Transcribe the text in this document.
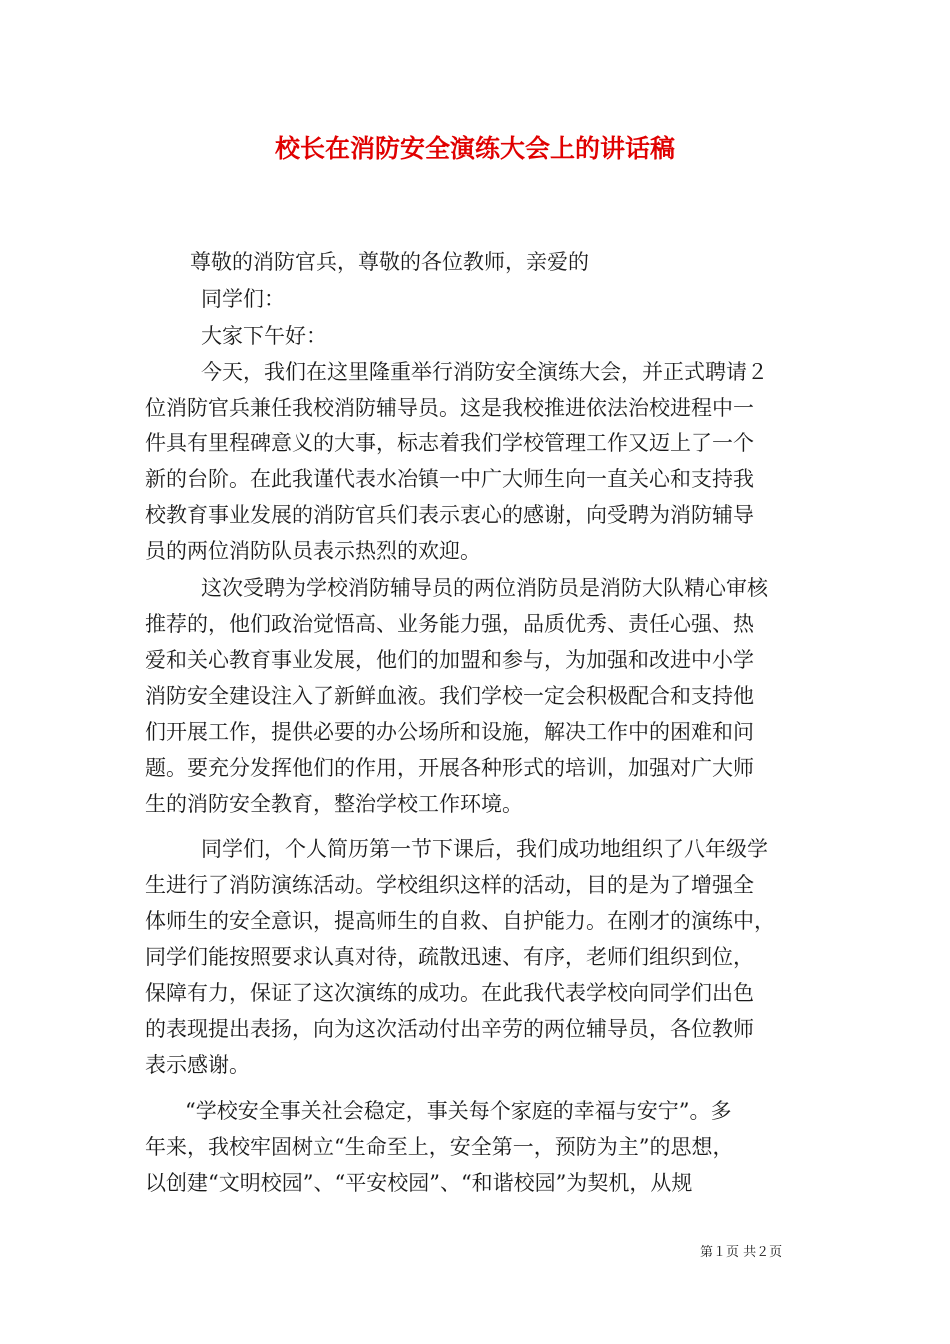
校长在消防安全演练大会上的讲话稿
尊敬的消防官兵，尊敬的各位教师，亲爱的
同学们：
大家下午好：
今天，我们在这里隆重举行消防安全演练大会，并正式聘请２
位消防官兵兼任我校消防辅导员。这是我校推进依法治校进程中一
件具有里程碑意义的大事，标志着我们学校管理工作又迈上了一个
新的台阶。在此我谨代表水冶镇一中广大师生向一直关心和支持我
校教育事业发展的消防官兵们表示衷心的感谢，向受聘为消防辅导
员的两位消防队员表示热烈的欢迎。
这次受聘为学校消防辅导员的两位消防员是消防大队精心审核
推荐的，他们政治觉悟高、业务能力强，品质优秀、责任心强、热
爱和关心教育事业发展，他们的加盟和参与，为加强和改进中小学
消防安全建设注入了新鲜血液。我们学校一定会积极配合和支持他
们开展工作，提供必要的办公场所和设施，解决工作中的困难和问
题。要充分发挥他们的作用，开展各种形式的培训，加强对广大师
生的消防安全教育，整治学校工作环境。
同学们，个人简历第一节下课后，我们成功地组织了八年级学
生进行了消防演练活动。学校组织这样的活动，目的是为了增强全
体师生的安全意识，提高师生的自救、自护能力。在刚才的演练中，
同学们能按照要求认真对待，疏散迅速、有序，老师们组织到位，
保障有力，保证了这次演练的成功。在此我代表学校向同学们出色
的表现提出表扬，向为这次活动付出辛劳的两位辅导员，各位教师
表示感谢。
“学校安全事关社会稳定，事关每个家庭的幸福与安宁”。多
年来，我校牢固树立“生命至上，安全第一，预防为主”的思想，
以创建“文明校园”、“平安校园”、“和谐校园”为契机，从规
第１页 共２页
